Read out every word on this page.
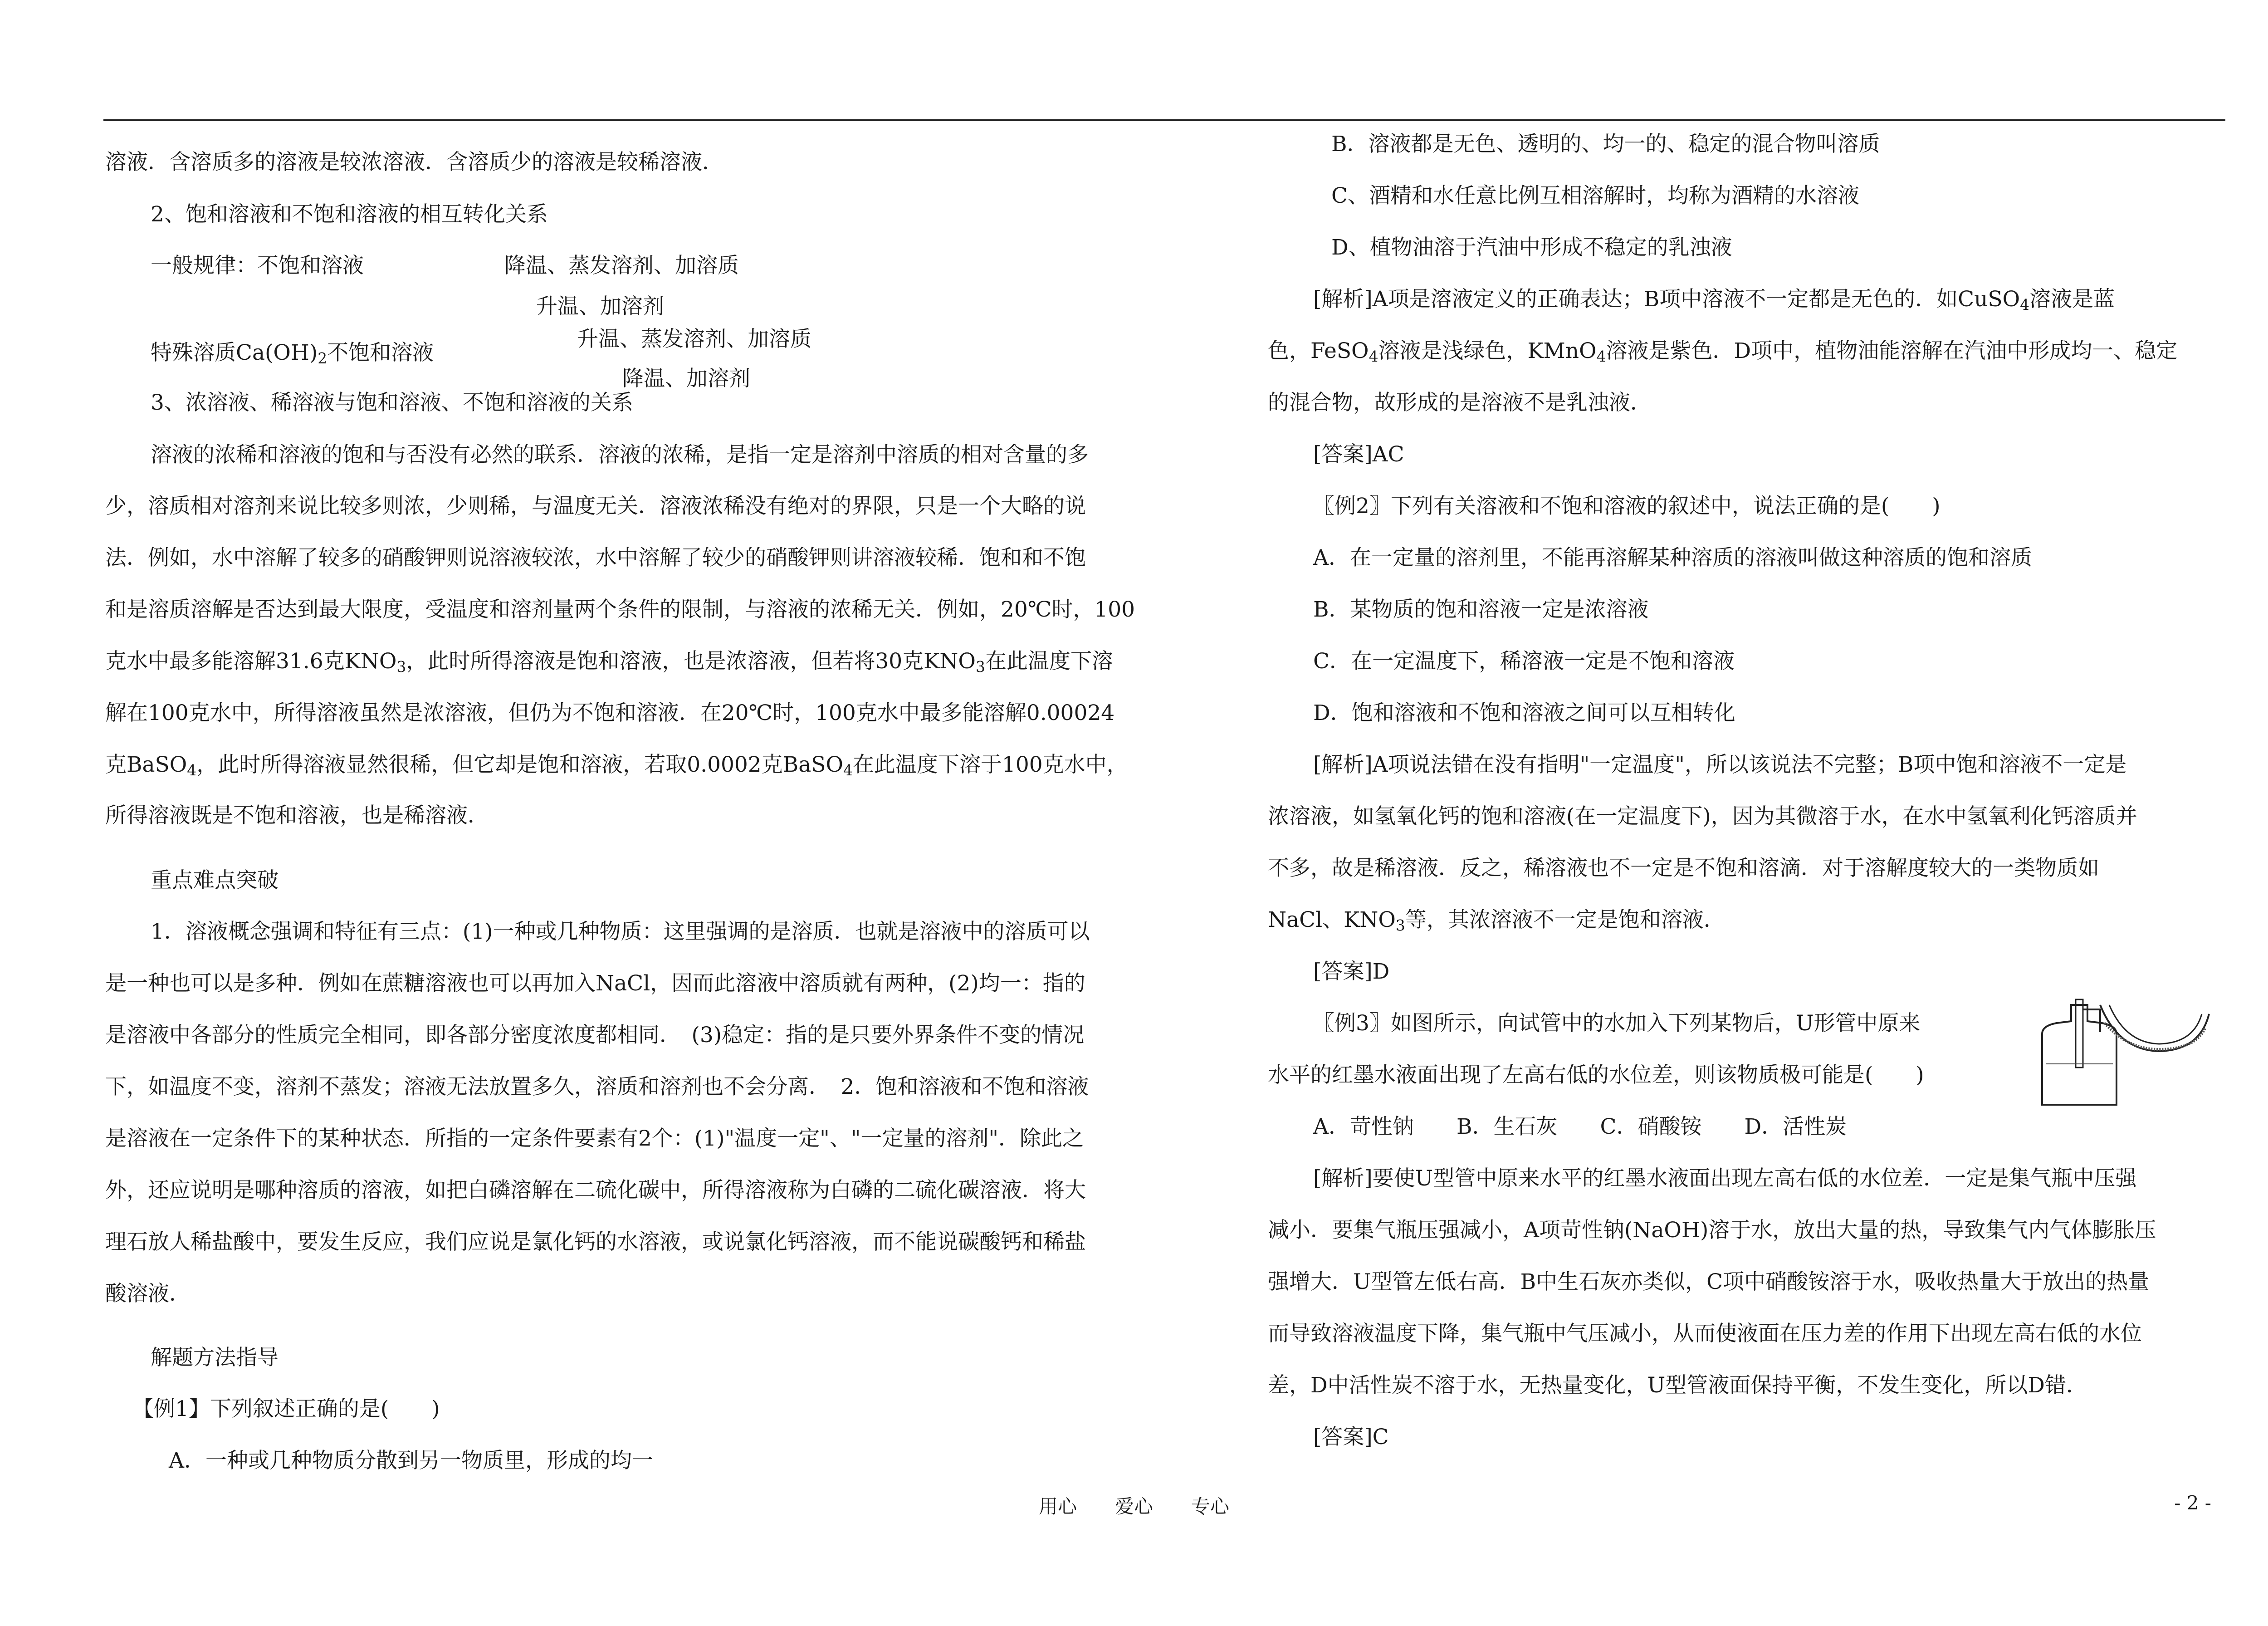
溶液．含溶质多的溶液是较浓溶液．含溶质少的溶液是较稀溶液．
2、饱和溶液和不饱和溶液的相互转化关系
一般规律：不饱和溶液	降温、蒸发溶剂、加溶质
升温、加溶剂
特殊溶质$Ca(OH)_2$不饱和溶液
升温、蒸发溶剂、加溶质
降温、加溶剂
3、浓溶液、稀溶液与饱和溶液、不饱和溶液的关系
溶液的浓稀和溶液的饱和与否没有必然的联系．溶液的浓稀，是指一定是溶剂中溶质的相对含量的多
少，溶质相对溶剂来说比较多则浓，少则稀，与温度无关．溶液浓稀没有绝对的界限，只是一个大略的说
法．例如，水中溶解了较多的硝酸钾则说溶液较浓，水中溶解了较少的硝酸钾则讲溶液较稀．饱和和不饱
和是溶质溶解是否达到最大限度，受温度和溶剂量两个条件的限制，与溶液的浓稀无关．例如，20℃时，100
克水中最多能溶解31.6克$KNO_3$，此时所得溶液是饱和溶液，也是浓溶液，但若将30克$KNO_3$在此温度下溶
解在100克水中，所得溶液虽然是浓溶液，但仍为不饱和溶液．在20℃时，100克水中最多能溶解0.00024
克BaSO$_4$，此时所得溶液显然很稀，但它却是饱和溶液，若取0.0002克BaSO$_4$在此温度下溶于100克水中，
所得溶液既是不饱和溶液，也是稀溶液．
重点难点突破
1．溶液概念强调和特征有三点：(1)一种或几种物质：这里强调的是溶质．也就是溶液中的溶质可以
是一种也可以是多种．例如在蔗糖溶液也可以再加入NaCl，因而此溶液中溶质就有两种，(2)均一：指的
是溶液中各部分的性质完全相同，即各部分密度浓度都相同．　(3)稳定：指的是只要外界条件不变的情况
下，如温度不变，溶剂不蒸发；溶液无法放置多久，溶质和溶剂也不会分离．　2．饱和溶液和不饱和溶液
是溶液在一定条件下的某种状态．所指的一定条件要素有2个：(1)"温度一定"、"一定量的溶剂"．除此之
外，还应说明是哪种溶质的溶液，如把白磷溶解在二硫化碳中，所得溶液称为白磷的二硫化碳溶液．将大
理石放人稀盐酸中，要发生反应，我们应说是氯化钙的水溶液，或说氯化钙溶液，而不能说碳酸钙和稀盐
酸溶液．
解题方法指导
【例1】下列叙述正确的是(　　)
A．一种或几种物质分散到另一物质里，形成的均一
B．溶液都是无色、透明的、均一的、稳定的混合物叫溶质
C、酒精和水任意比例互相溶解时，均称为酒精的水溶液
D、植物油溶于汽油中形成不稳定的乳浊液
[解析]A项是溶液定义的正确表达；B项中溶液不一定都是无色的．如CuSO$_4$溶液是蓝
色，FeSO$_4$溶液是浅绿色，KMnO$_4$溶液是紫色．D项中，植物油能溶解在汽油中形成均一、稳定
的混合物，故形成的是溶液不是乳浊液．
[答案]AC
〖例2〗下列有关溶液和不饱和溶液的叙述中，说法正确的是(　　)
A．在一定量的溶剂里，不能再溶解某种溶质的溶液叫做这种溶质的饱和溶质
B．某物质的饱和溶液一定是浓溶液
C．在一定温度下，稀溶液一定是不饱和溶液
D．饱和溶液和不饱和溶液之间可以互相转化
[解析]A项说法错在没有指明"一定温度"，所以该说法不完整；B项中饱和溶液不一定是
浓溶液，如氢氧化钙的饱和溶液(在一定温度下)，因为其微溶于水，在水中氢氧利化钙溶质并
不多，故是稀溶液．反之，稀溶液也不一定是不饱和溶滴．对于溶解度较大的一类物质如
NaCl、$KNO_3$等，其浓溶液不一定是饱和溶液．
[答案]D
〖例3〗如图所示，向试管中的水加入下列某物后，U形管中原来
水平的红墨水液面出现了左高右低的水位差，则该物质极可能是(　　)
A．苛性钠　　B．生石灰　　C．硝酸铵　　D．活性炭
[解析]要使U型管中原来水平的红墨水液面出现左高右低的水位差．一定是集气瓶中压强
减小．要集气瓶压强减小，A项苛性钠(NaOH)溶于水，放出大量的热，导致集气内气体膨胀压
强增大．U型管左低右高．B中生石灰亦类似，C项中硝酸铵溶于水，吸收热量大于放出的热量
而导致溶液温度下降，集气瓶中气压减小，从而使液面在压力差的作用下出现左高右低的水位
差，D中活性炭不溶于水，无热量变化，U型管液面保持平衡，不发生变化，所以D错．
[答案]C
用心　　爱心　　专心	- 2 -
